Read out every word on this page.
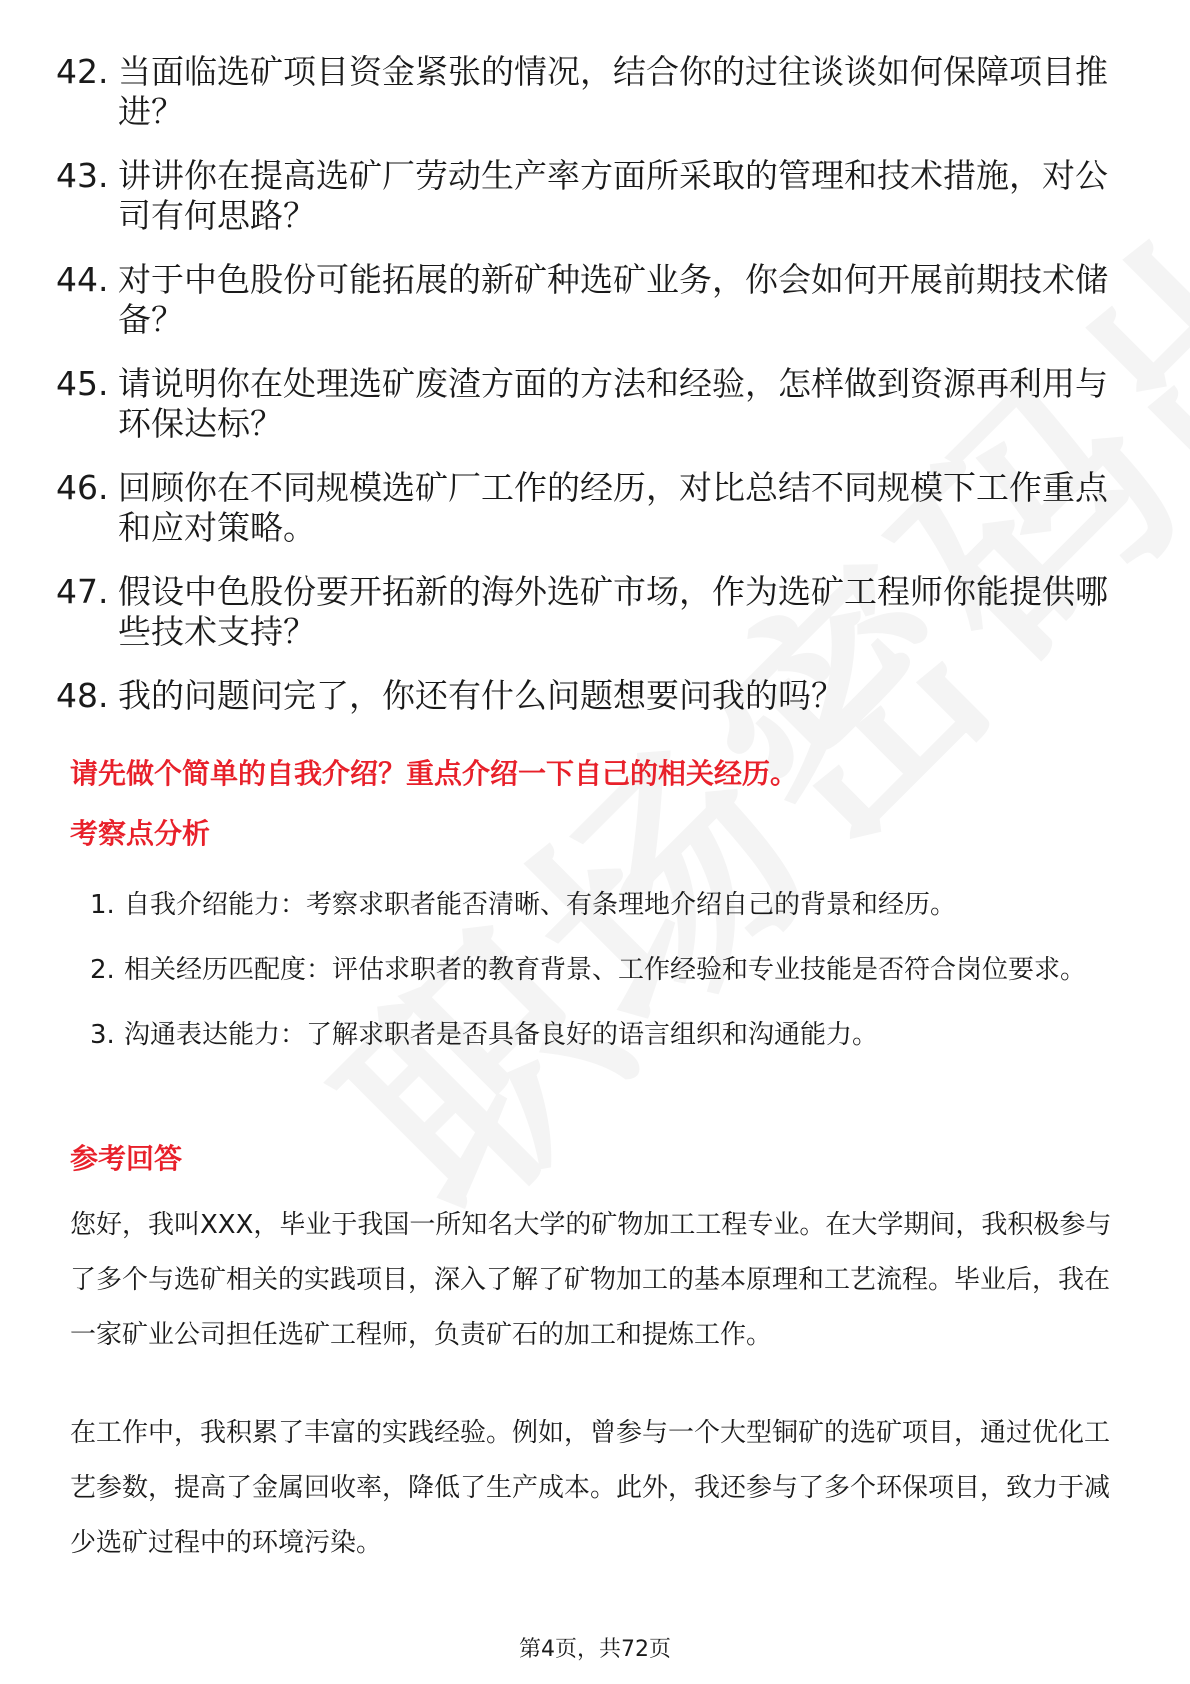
42. 当面临选矿项目资金紧张的情况，结合你的过往谈谈如何保障项目推进？
43. 讲讲你在提高选矿厂劳动生产率方面所采取的管理和技术措施，对公司有何思路？
44. 对于中色股份可能拓展的新矿种选矿业务，你会如何开展前期技术储备？
45. 请说明你在处理选矿废渣方面的方法和经验，怎样做到资源再利用与环保达标？
46. 回顾你在不同规模选矿厂工作的经历，对比总结不同规模下工作重点和应对策略。
47. 假设中色股份要开拓新的海外选矿市场，作为选矿工程师你能提供哪些技术支持？
48. 我的问题问完了，你还有什么问题想要问我的吗？
请先做个简单的自我介绍？重点介绍一下自己的相关经历。
考察点分析
1. 自我介绍能力：考察求职者能否清晰、有条理地介绍自己的背景和经历。
2. 相关经历匹配度：评估求职者的教育背景、工作经验和专业技能是否符合岗位要求。
3. 沟通表达能力：了解求职者是否具备良好的语言组织和沟通能力。
参考回答

您好，我叫XXX，毕业于我国一所知名大学的矿物加工工程专业。在大学期间，我积极参与了多个与选矿相关的实践项目，深入了解了矿物加工的基本原理和工艺流程。毕业后，我在一家矿业公司担任选矿工程师，负责矿石的加工和提炼工作。

在工作中，我积累了丰富的实践经验。例如，曾参与一个大型铜矿的选矿项目，通过优化工艺参数，提高了金属回收率，降低了生产成本。此外，我还参与了多个环保项目，致力于减少选矿过程中的环境污染。

第4页，共72页
